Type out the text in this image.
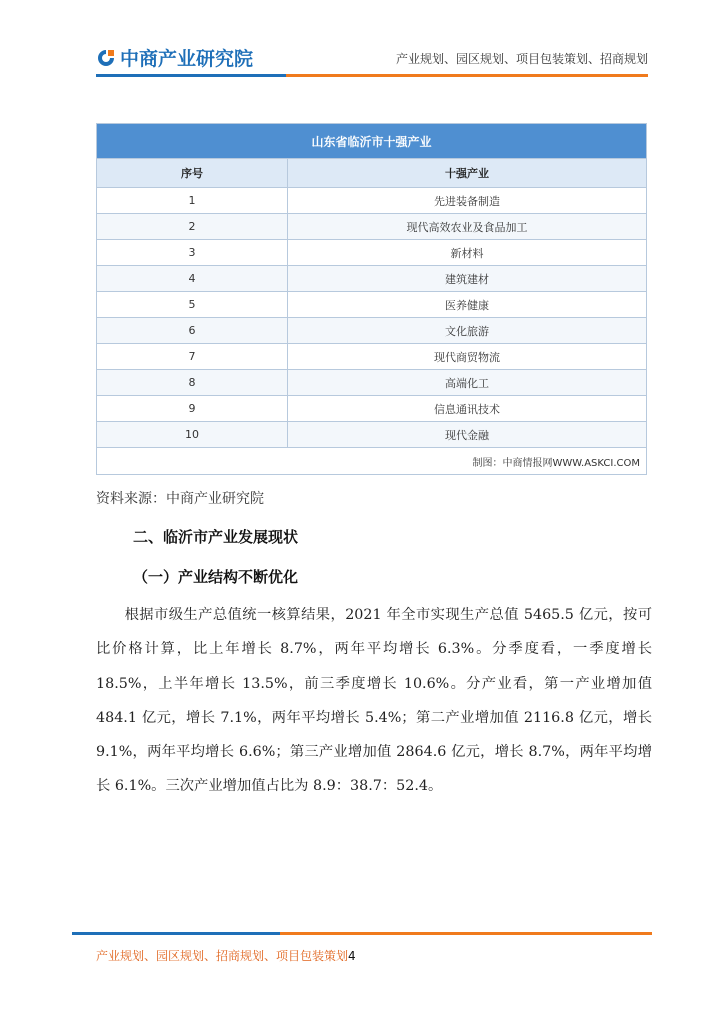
中商产业研究院	产业规划、园区规划、项目包装策划、招商规划
山东省临沂市十强产业	
序号	十强产业
1	先进装备制造
2	现代高效农业及食品加工
3	新材料
4	建筑建材
5	医养健康
6	文化旅游
7	现代商贸物流
8	高端化工
9	信息通讯技术
10	现代金融
制图：中商情报网WWW.ASKCI.COM	
资料来源：中商产业研究院
二、临沂市产业发展现状
（一）产业结构不断优化
根据市级生产总值统一核算结果，2021 年全市实现生产总值 5465.5 亿元，按可比价格计算，比上年增长 8.7%，两年平均增长 6.3%。分季度看，一季度增长 18.5%，上半年增长 13.5%，前三季度增长 10.6%。分产业看，第一产业增加值 484.1 亿元，增长 7.1%，两年平均增长 5.4%；第二产业增加值 2116.8 亿元，增长 9.1%，两年平均增长 6.6%；第三产业增加值 2864.6 亿元，增长 8.7%，两年平均增长 6.1%。三次产业增加值占比为 8.9：38.7：52.4。
产业规划、园区规划、招商规划、项目包装策划4
